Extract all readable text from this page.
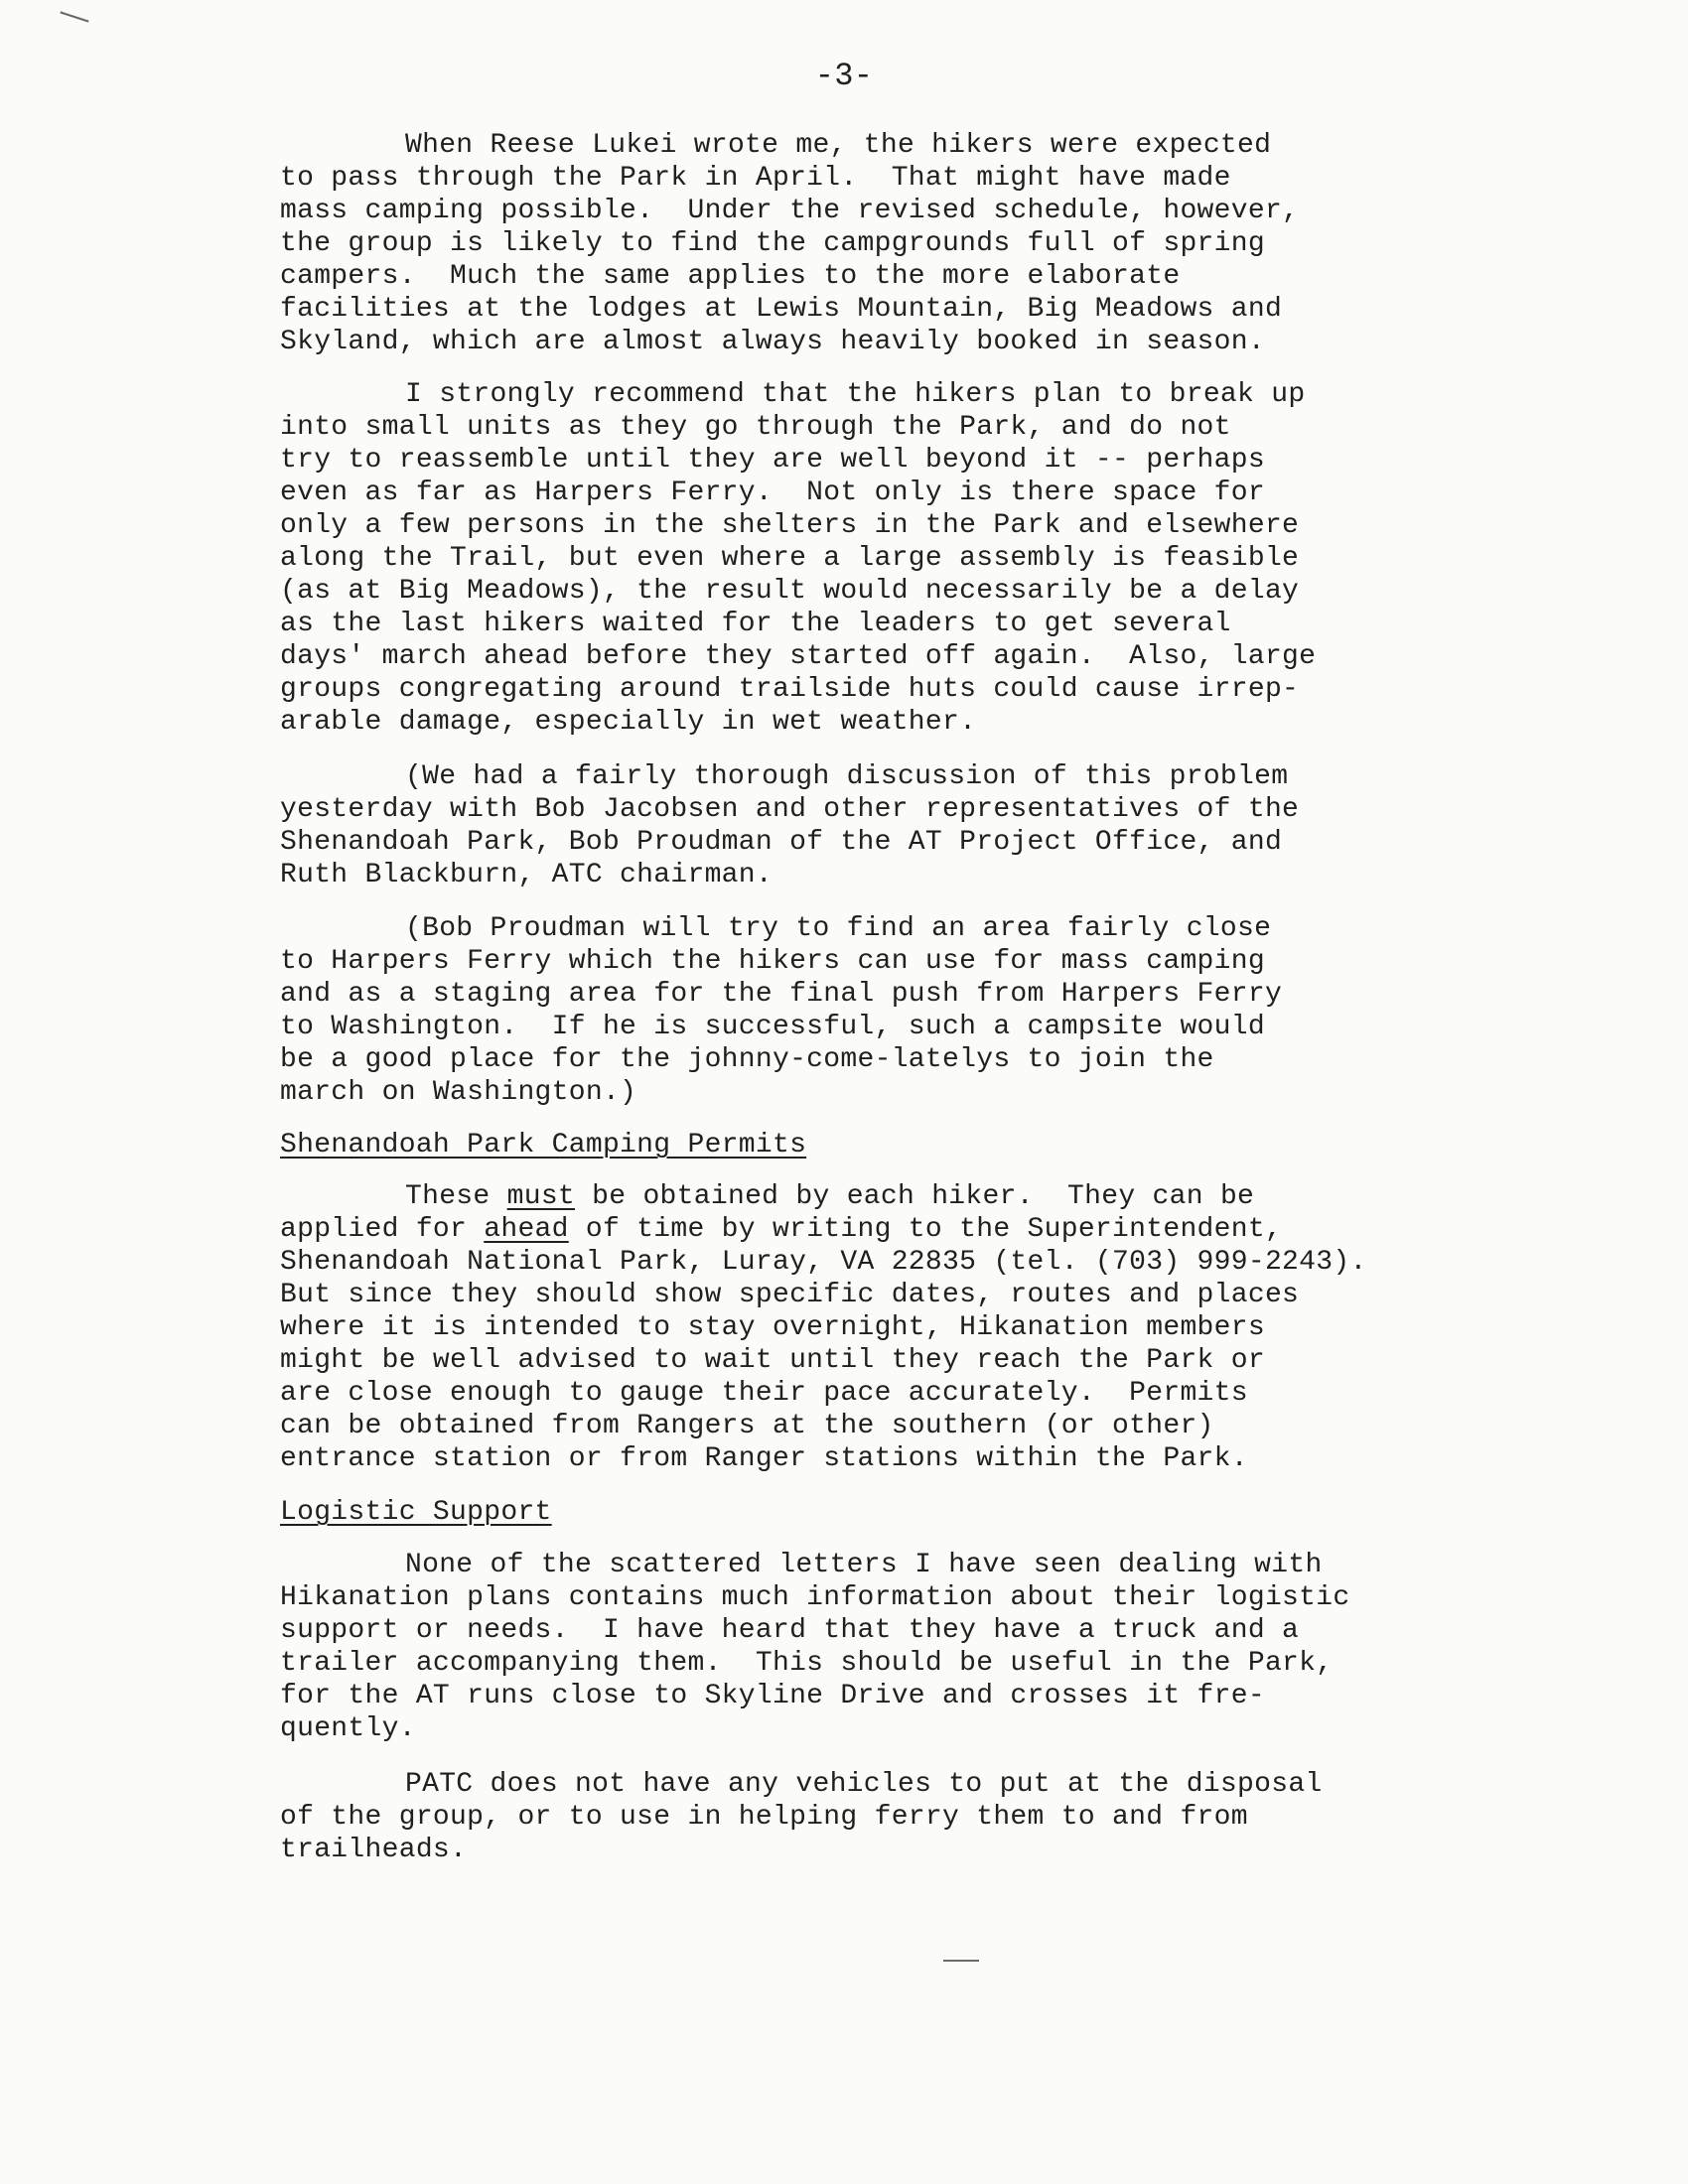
-3-
When Reese Lukei wrote me, the hikers were expected
to pass through the Park in April.  That might have made
mass camping possible.  Under the revised schedule, however,
the group is likely to find the campgrounds full of spring
campers.  Much the same applies to the more elaborate
facilities at the lodges at Lewis Mountain, Big Meadows and
Skyland, which are almost always heavily booked in season.
I strongly recommend that the hikers plan to break up
into small units as they go through the Park, and do not
try to reassemble until they are well beyond it -- perhaps
even as far as Harpers Ferry.  Not only is there space for
only a few persons in the shelters in the Park and elsewhere
along the Trail, but even where a large assembly is feasible
(as at Big Meadows), the result would necessarily be a delay
as the last hikers waited for the leaders to get several
days' march ahead before they started off again.  Also, large
groups congregating around trailside huts could cause irrep-
arable damage, especially in wet weather.
(We had a fairly thorough discussion of this problem
yesterday with Bob Jacobsen and other representatives of the
Shenandoah Park, Bob Proudman of the AT Project Office, and
Ruth Blackburn, ATC chairman.
(Bob Proudman will try to find an area fairly close
to Harpers Ferry which the hikers can use for mass camping
and as a staging area for the final push from Harpers Ferry
to Washington.  If he is successful, such a campsite would
be a good place for the johnny-come-latelys to join the
march on Washington.)
Shenandoah Park Camping Permits
These must be obtained by each hiker.  They can be
applied for ahead of time by writing to the Superintendent,
Shenandoah National Park, Luray, VA 22835 (tel. (703) 999-2243).
But since they should show specific dates, routes and places
where it is intended to stay overnight, Hikanation members
might be well advised to wait until they reach the Park or
are close enough to gauge their pace accurately.  Permits
can be obtained from Rangers at the southern (or other)
entrance station or from Ranger stations within the Park.
Logistic Support
None of the scattered letters I have seen dealing with
Hikanation plans contains much information about their logistic
support or needs.  I have heard that they have a truck and a
trailer accompanying them.  This should be useful in the Park,
for the AT runs close to Skyline Drive and crosses it fre-
quently.
PATC does not have any vehicles to put at the disposal
of the group, or to use in helping ferry them to and from
trailheads.
